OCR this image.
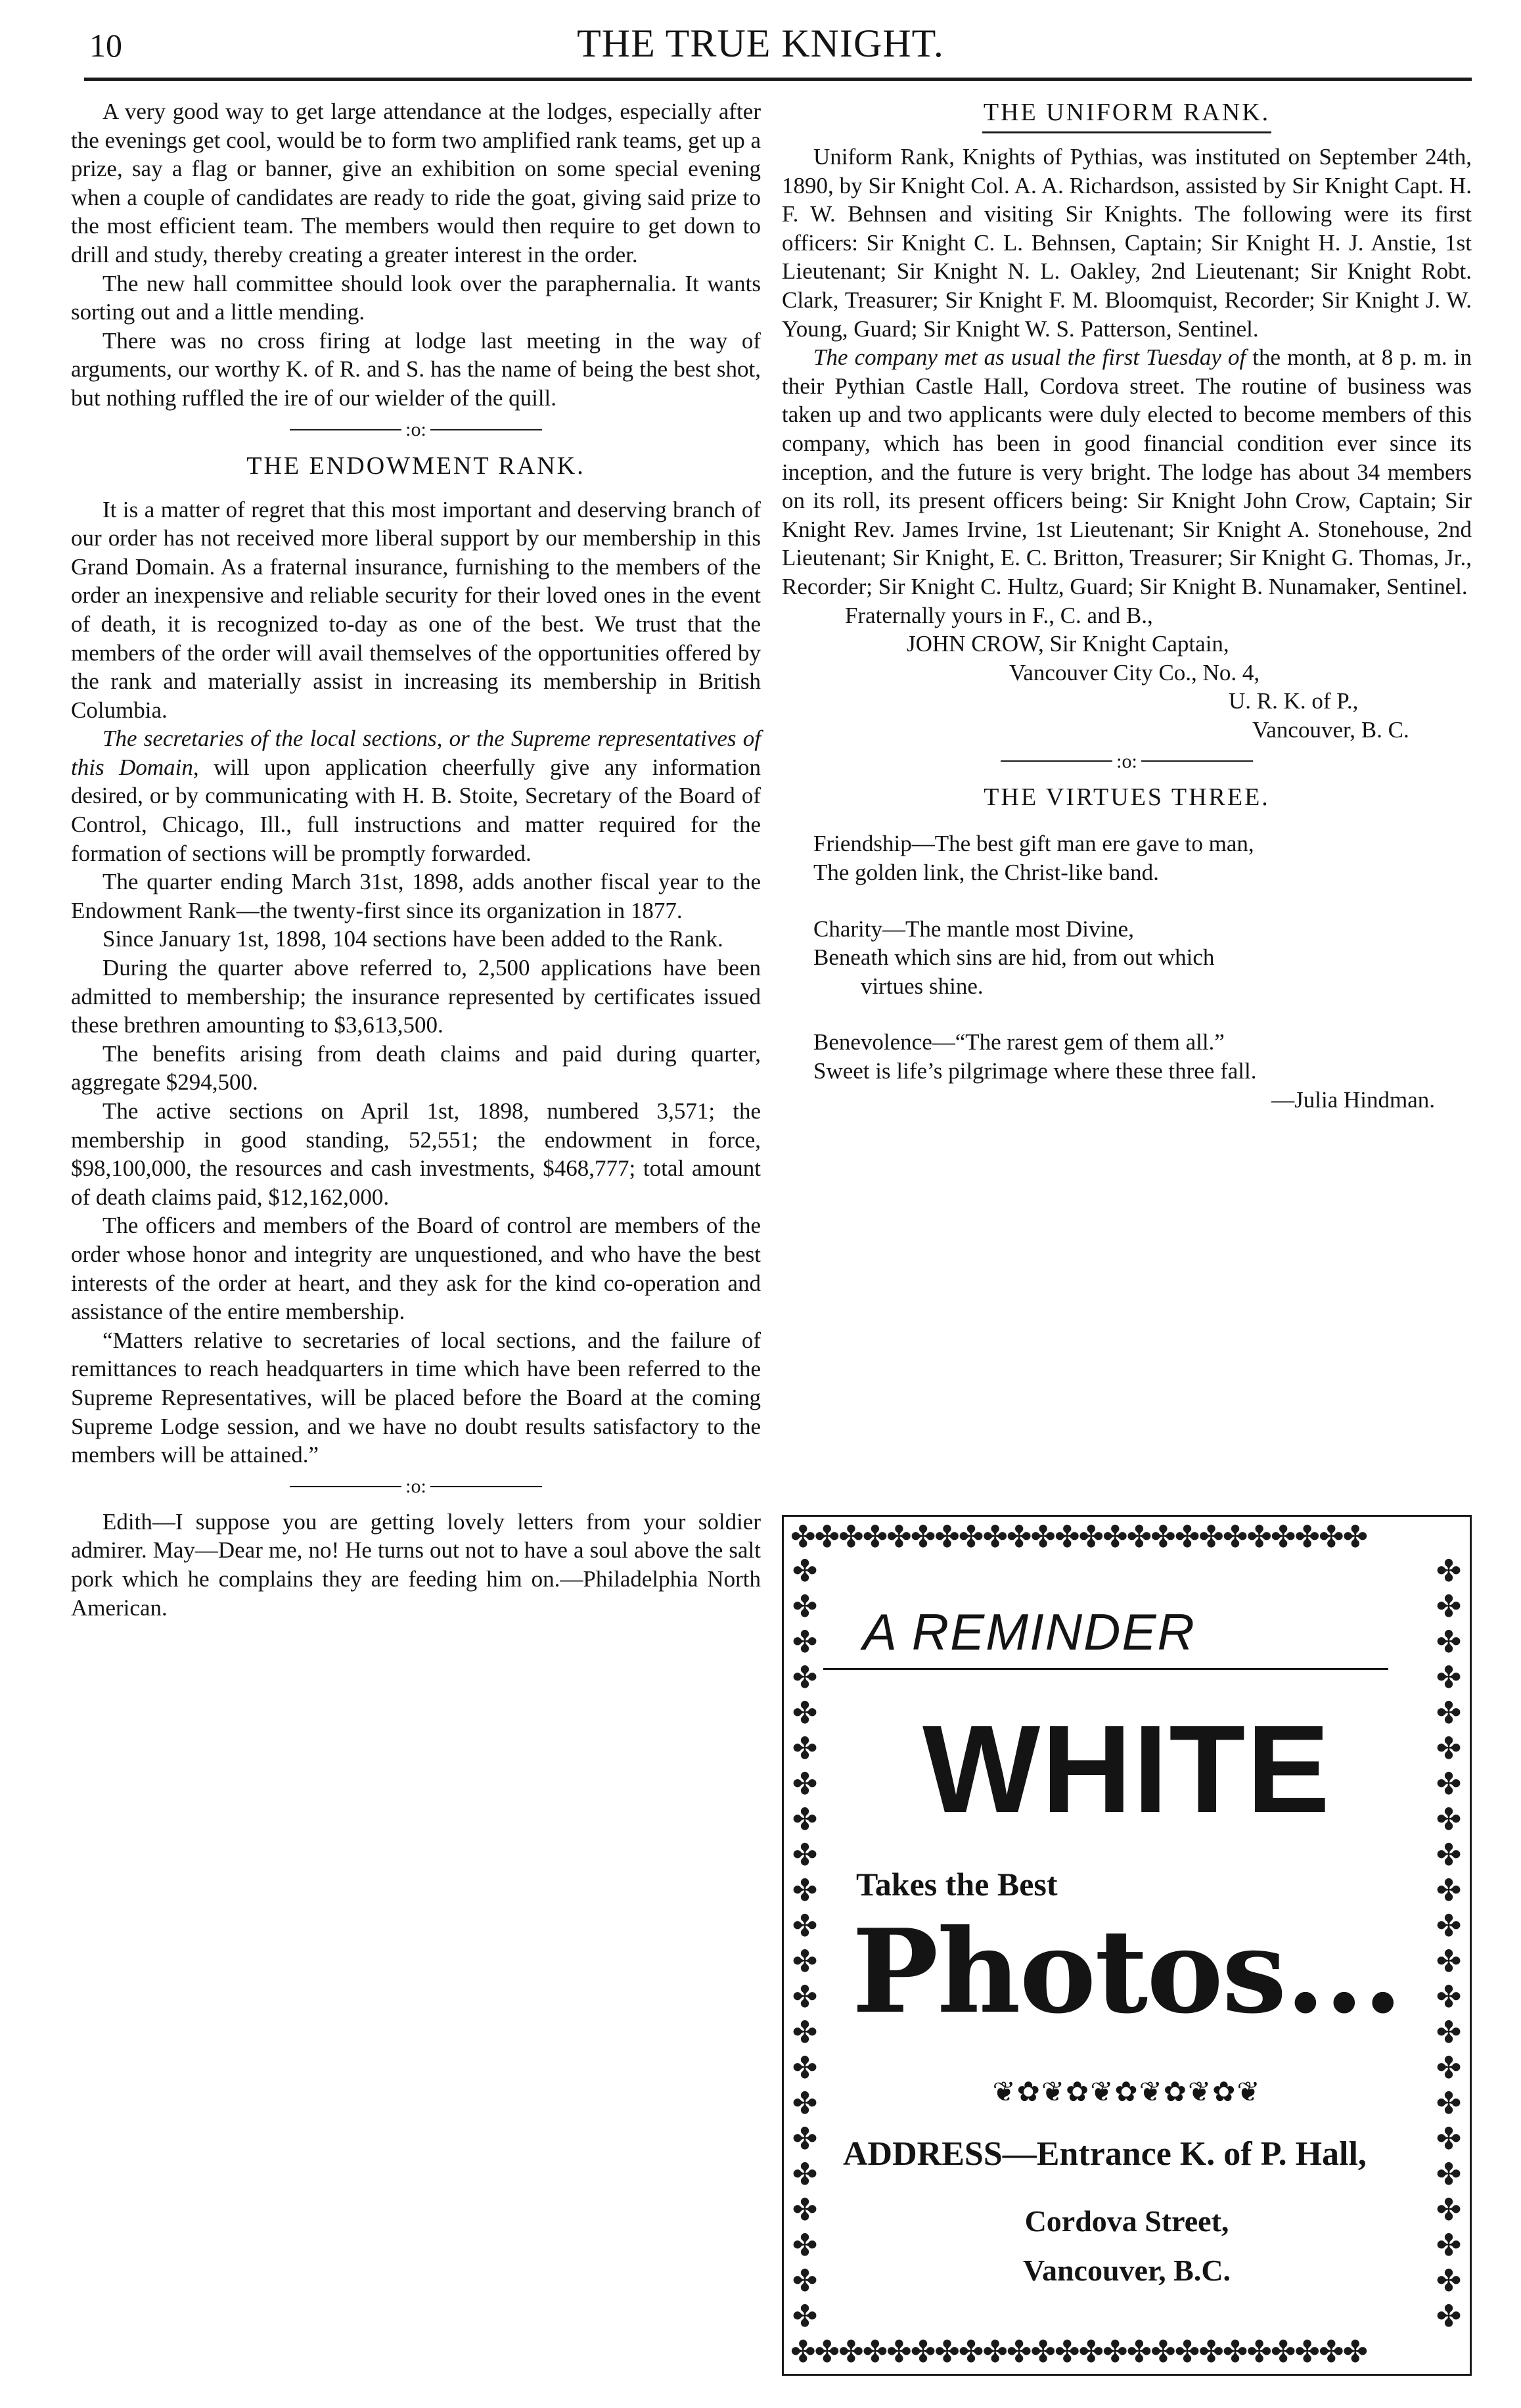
10	THE TRUE KNIGHT.

A very good way to get large attendance at the lodges, especially after the evenings get cool, would be to form two amplified rank teams, get up a prize, say a flag or banner, give an exhibition on some special evening when a couple of candidates are ready to ride the goat, giving said prize to the most efficient team. The members would then require to get down to drill and study, thereby creating a greater interest in the order.

The new hall committee should look over the paraphernalia. It wants sorting out and a little mending.

There was no cross firing at lodge last meeting in the way of arguments, our worthy K. of R. and S. has the name of being the best shot, but nothing ruffled the ire of our wielder of the quill.

:o:
THE ENDOWMENT RANK.

It is a matter of regret that this most important and deserving branch of our order has not received more liberal support by our membership in this Grand Domain. As a fraternal insurance, furnishing to the members of the order an inexpensive and reliable security for their loved ones in the event of death, it is recognized to-day as one of the best. We trust that the members of the order will avail themselves of the opportunities offered by the rank and materially assist in increasing its membership in British Columbia.

The secretaries of the local sections, or the Supreme representatives of this Domain, will upon application cheerfully give any information desired, or by communicating with H. B. Stoite, Secretary of the Board of Control, Chicago, Ill., full instructions and matter required for the formation of sections will be promptly forwarded.

The quarter ending March 31st, 1898, adds another fiscal year to the Endowment Rank—the twenty-first since its organization in 1877.

Since January 1st, 1898, 104 sections have been added to the Rank.

During the quarter above referred to, 2,500 applications have been admitted to membership; the insurance represented by certificates issued these brethren amounting to $3,613,500.

The benefits arising from death claims and paid during quarter, aggregate $294,500.

The active sections on April 1st, 1898, numbered 3,571; the membership in good standing, 52,551; the endowment in force, $98,100,000, the resources and cash investments, $468,777; total amount of death claims paid, $12,162,000.

The officers and members of the Board of control are members of the order whose honor and integrity are unquestioned, and who have the best interests of the order at heart, and they ask for the kind co-operation and assistance of the entire membership.

“Matters relative to secretaries of local sections, and the failure of remittances to reach headquarters in time which have been referred to the Supreme Representatives, will be placed before the Board at the coming Supreme Lodge session, and we have no doubt results satisfactory to the members will be attained.”

:o:

Edith—I suppose you are getting lovely letters from your soldier admirer. May—Dear me, no! He turns out not to have a soul above the salt pork which he complains they are feeding him on.—Philadelphia North American.

THE UNIFORM RANK.

Uniform Rank, Knights of Pythias, was instituted on September 24th, 1890, by Sir Knight Col. A. A. Richardson, assisted by Sir Knight Capt. H. F. W. Behnsen and visiting Sir Knights. The following were its first officers: Sir Knight C. L. Behnsen, Captain; Sir Knight H. J. Anstie, 1st Lieutenant; Sir Knight N. L. Oakley, 2nd Lieutenant; Sir Knight Robt. Clark, Treasurer; Sir Knight F. M. Bloomquist, Recorder; Sir Knight J. W. Young, Guard; Sir Knight W. S. Patterson, Sentinel.

The company met as usual the first Tuesday of the month, at 8 p. m. in their Pythian Castle Hall, Cordova street. The routine of business was taken up and two applicants were duly elected to become members of this company, which has been in good financial condition ever since its inception, and the future is very bright. The lodge has about 34 members on its roll, its present officers being: Sir Knight John Crow, Captain; Sir Knight Rev. James Irvine, 1st Lieutenant; Sir Knight A. Stonehouse, 2nd Lieutenant; Sir Knight, E. C. Britton, Treasurer; Sir Knight G. Thomas, Jr., Recorder; Sir Knight C. Hultz, Guard; Sir Knight B. Nunamaker, Sentinel.

Fraternally yours in F., C. and B.,

JOHN CROW, Sir Knight Captain,

Vancouver City Co., No. 4,

U. R. K. of P.,

Vancouver, B. C.

:o:
THE VIRTUES THREE.

Friendship—The best gift man ere gave to man,

The golden link, the Christ-like band.

Charity—The mantle most Divine,

Beneath which sins are hid, from out which

virtues shine.

Benevolence—“The rarest gem of them all.”

Sweet is life’s pilgrimage where these three fall.

—Julia Hindman.

✤✤✤✤✤✤✤✤✤✤✤✤✤✤✤✤✤✤✤✤✤✤✤✤
✤✤✤✤✤✤✤✤✤✤✤✤✤✤✤✤✤✤✤✤✤✤✤✤
✤✤✤✤✤✤✤✤✤✤✤✤✤✤✤✤✤✤✤✤✤✤
✤✤✤✤✤✤✤✤✤✤✤✤✤✤✤✤✤✤✤✤✤✤
A REMINDER
WHITE
Takes the Best
Photos...
❦✿❦✿❦✿❦✿❦✿❦
ADDRESS—Entrance K. of P. Hall,
Cordova Street,
Vancouver, B.C.
